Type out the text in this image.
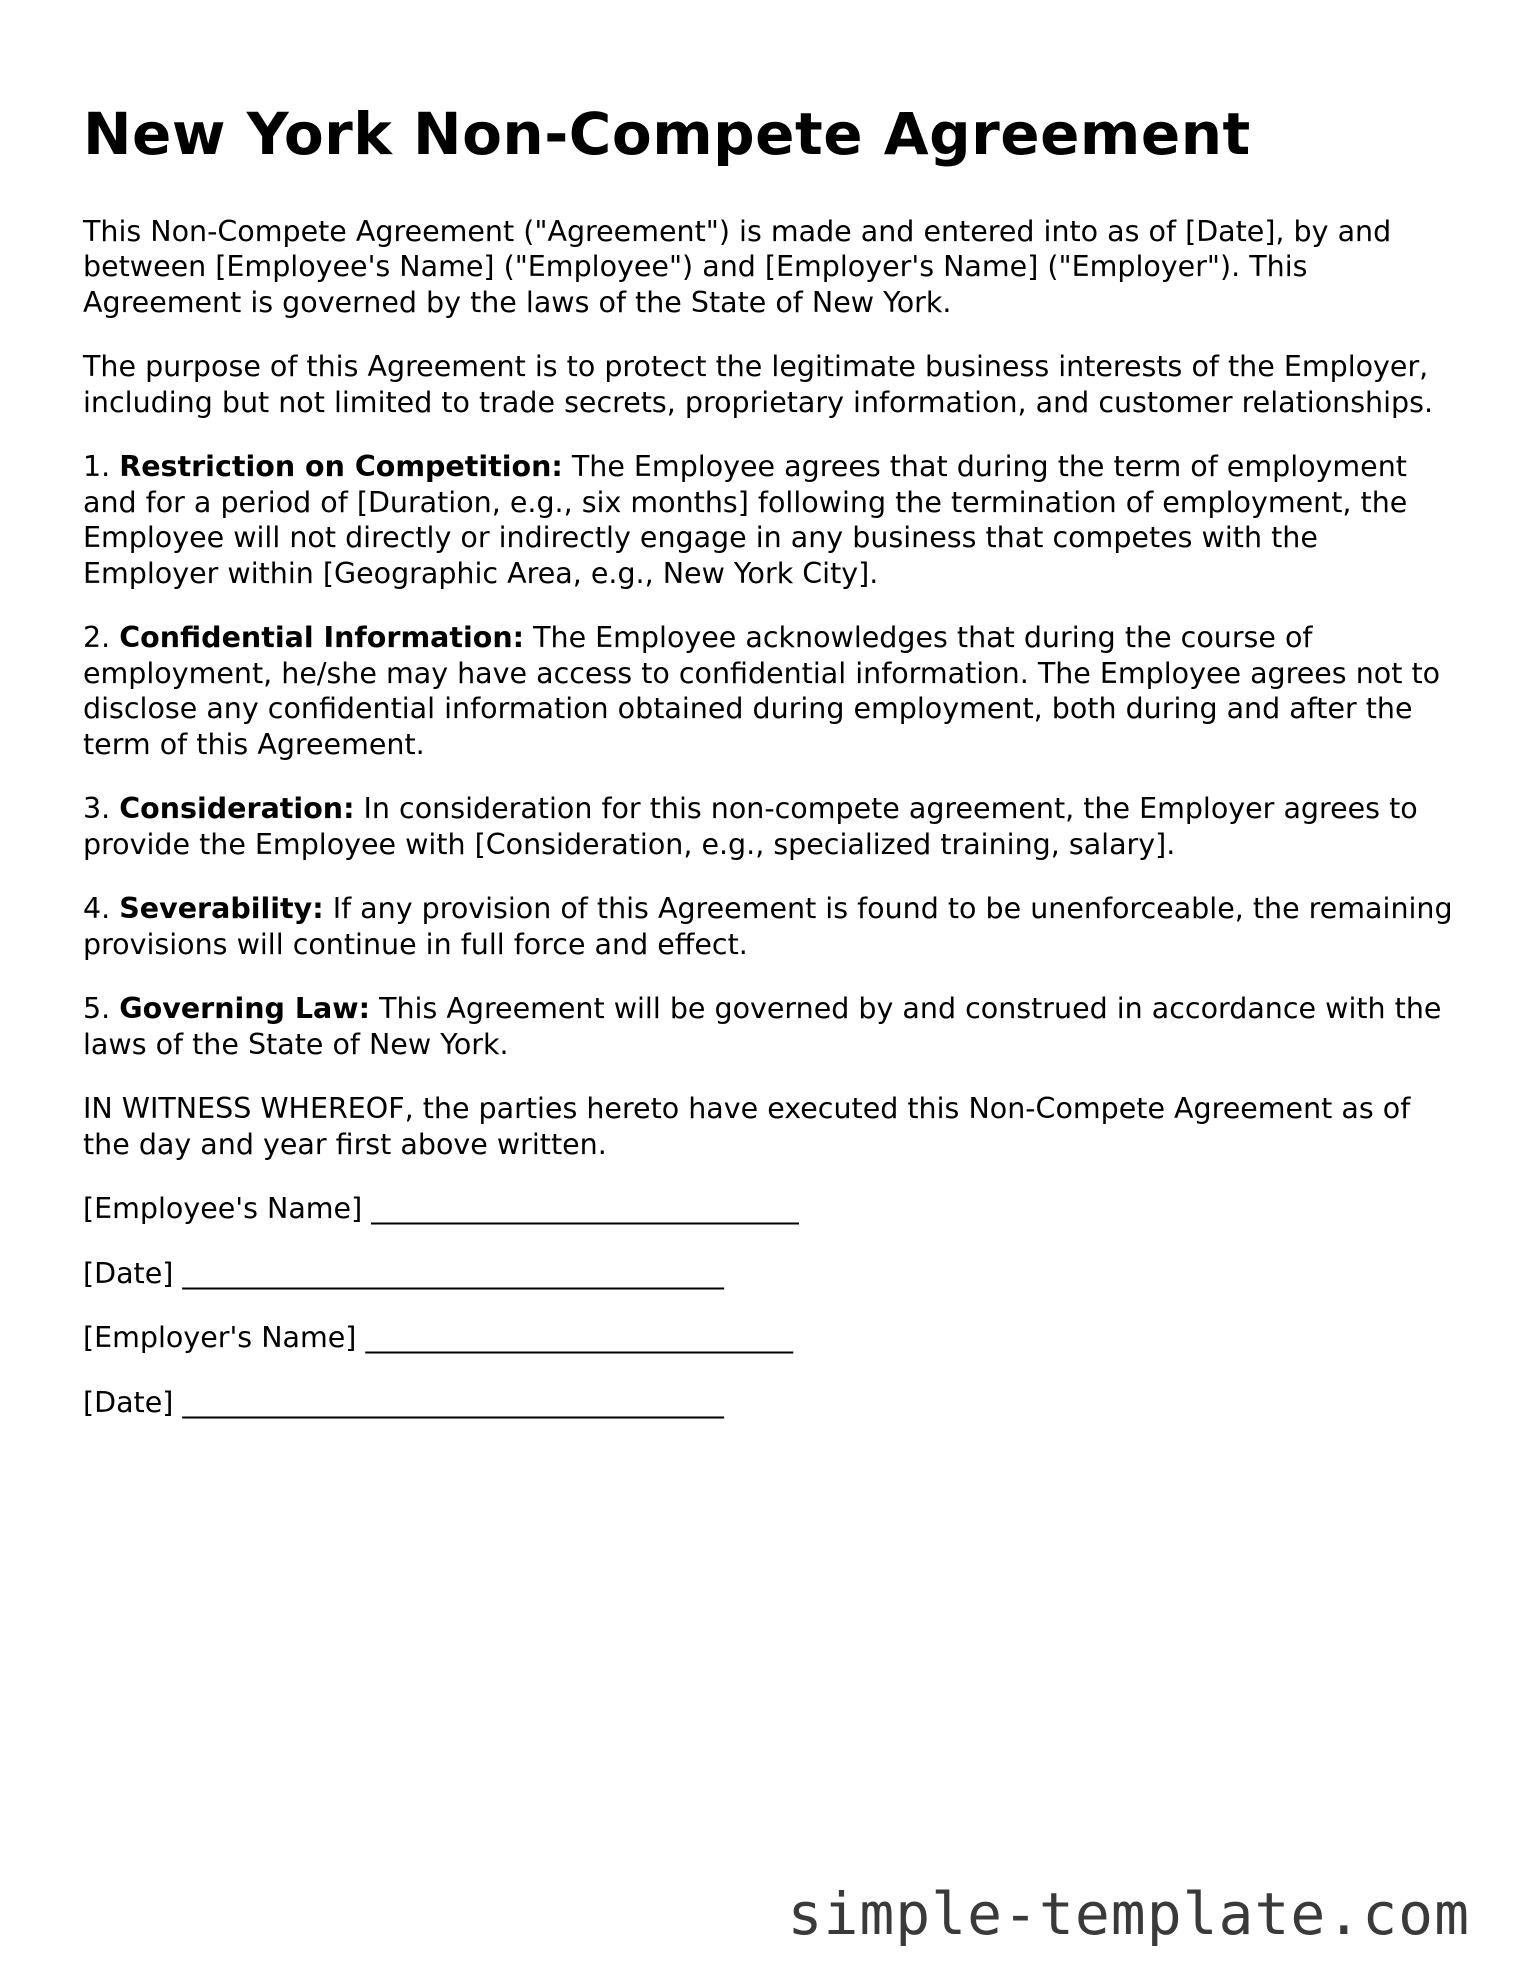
New York Non-Compete Agreement

This Non-Compete Agreement ("Agreement") is made and entered into as of [Date], by and between [Employee's Name] ("Employee") and [Employer's Name] ("Employer"). This Agreement is governed by the laws of the State of New York.

The purpose of this Agreement is to protect the legitimate business interests of the Employer, including but not limited to trade secrets, proprietary information, and customer relationships.

1. Restriction on Competition: The Employee agrees that during the term of employment and for a period of [Duration, e.g., six months] following the termination of employment, the Employee will not directly or indirectly engage in any business that competes with the Employer within [Geographic Area, e.g., New York City].

2. Confidential Information: The Employee acknowledges that during the course of employment, he/she may have access to confidential information. The Employee agrees not to disclose any confidential information obtained during employment, both during and after the term of this Agreement.

3. Consideration: In consideration for this non-compete agreement, the Employer agrees to provide the Employee with [Consideration, e.g., specialized training, salary].

4. Severability: If any provision of this Agreement is found to be unenforceable, the remaining provisions will continue in full force and effect.

5. Governing Law: This Agreement will be governed by and construed in accordance with the laws of the State of New York.

IN WITNESS WHEREOF, the parties hereto have executed this Non-Compete Agreement as of the day and year first above written.

[Employee's Name] ______________________________
[Date] ______________________________________
[Employer's Name] ______________________________
[Date] ______________________________________
simple-template.com
